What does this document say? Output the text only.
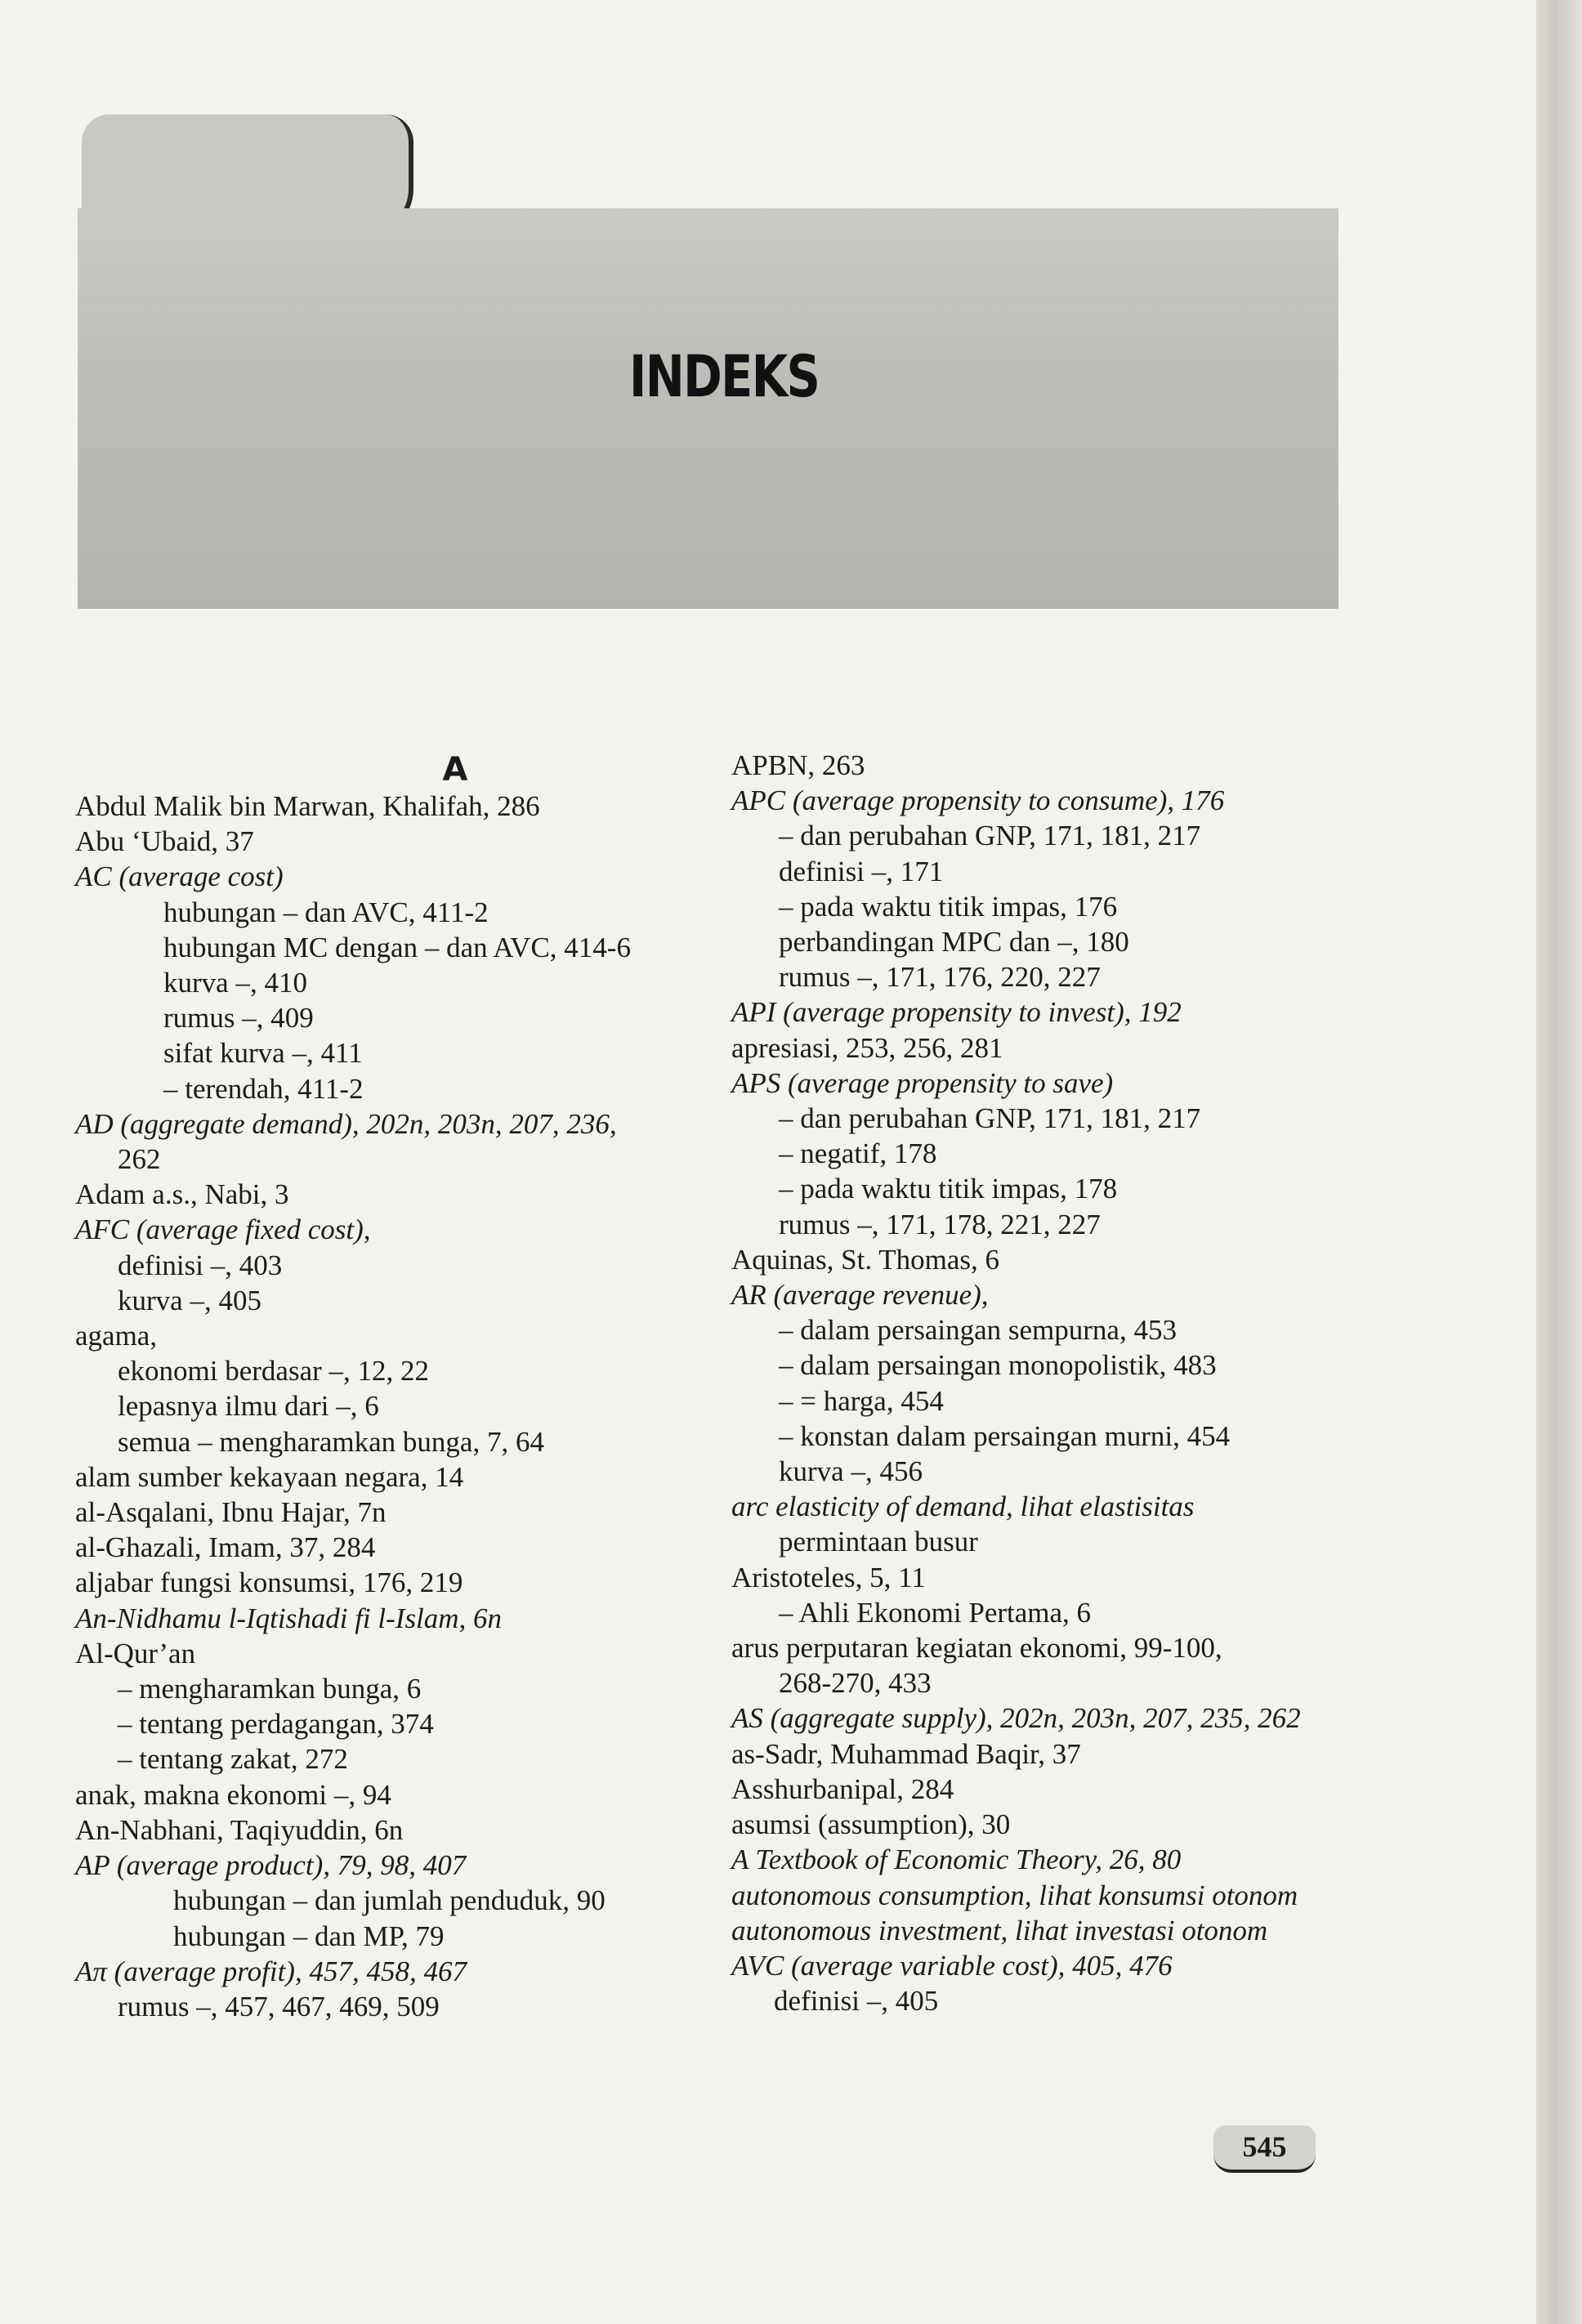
INDEKS
A
Abdul Malik bin Marwan, Khalifah, 286
Abu ‘Ubaid, 37
AC (average cost)
hubungan – dan AVC, 411-2
hubungan MC dengan – dan AVC, 414-6
kurva –, 410
rumus –, 409
sifat kurva –, 411
– terendah, 411-2
AD (aggregate demand), 202n, 203n, 207, 236,
262
Adam a.s., Nabi, 3
AFC (average fixed cost),
definisi –, 403
kurva –, 405
agama,
ekonomi berdasar –, 12, 22
lepasnya ilmu dari –, 6
semua – mengharamkan bunga, 7, 64
alam sumber kekayaan negara, 14
al-Asqalani, Ibnu Hajar, 7n
al-Ghazali, Imam, 37, 284
aljabar fungsi konsumsi, 176, 219
An-Nidhamu l-Iqtishadi fi l-Islam, 6n
Al-Qur’an
– mengharamkan bunga, 6
– tentang perdagangan, 374
– tentang zakat, 272
anak, makna ekonomi –, 94
An-Nabhani, Taqiyuddin, 6n
AP (average product), 79, 98, 407
hubungan – dan jumlah penduduk, 90
hubungan – dan MP, 79
Aπ (average profit), 457, 458, 467
rumus –, 457, 467, 469, 509
APBN, 263
APC (average propensity to consume), 176
– dan perubahan GNP, 171, 181, 217
definisi –, 171
– pada waktu titik impas, 176
perbandingan MPC dan –, 180
rumus –, 171, 176, 220, 227
API (average propensity to invest), 192
apresiasi, 253, 256, 281
APS (average propensity to save)
– dan perubahan GNP, 171, 181, 217
– negatif, 178
– pada waktu titik impas, 178
rumus –, 171, 178, 221, 227
Aquinas, St. Thomas, 6
AR (average revenue),
– dalam persaingan sempurna, 453
– dalam persaingan monopolistik, 483
– = harga, 454
– konstan dalam persaingan murni, 454
kurva –, 456
arc elasticity of demand, lihat elastisitas
permintaan busur
Aristoteles, 5, 11
– Ahli Ekonomi Pertama, 6
arus perputaran kegiatan ekonomi, 99-100,
268-270, 433
AS (aggregate supply), 202n, 203n, 207, 235, 262
as-Sadr, Muhammad Baqir, 37
Asshurbanipal, 284
asumsi (assumption), 30
A Textbook of Economic Theory, 26, 80
autonomous consumption, lihat konsumsi otonom
autonomous investment, lihat investasi otonom
AVC (average variable cost), 405, 476
definisi –, 405
545
